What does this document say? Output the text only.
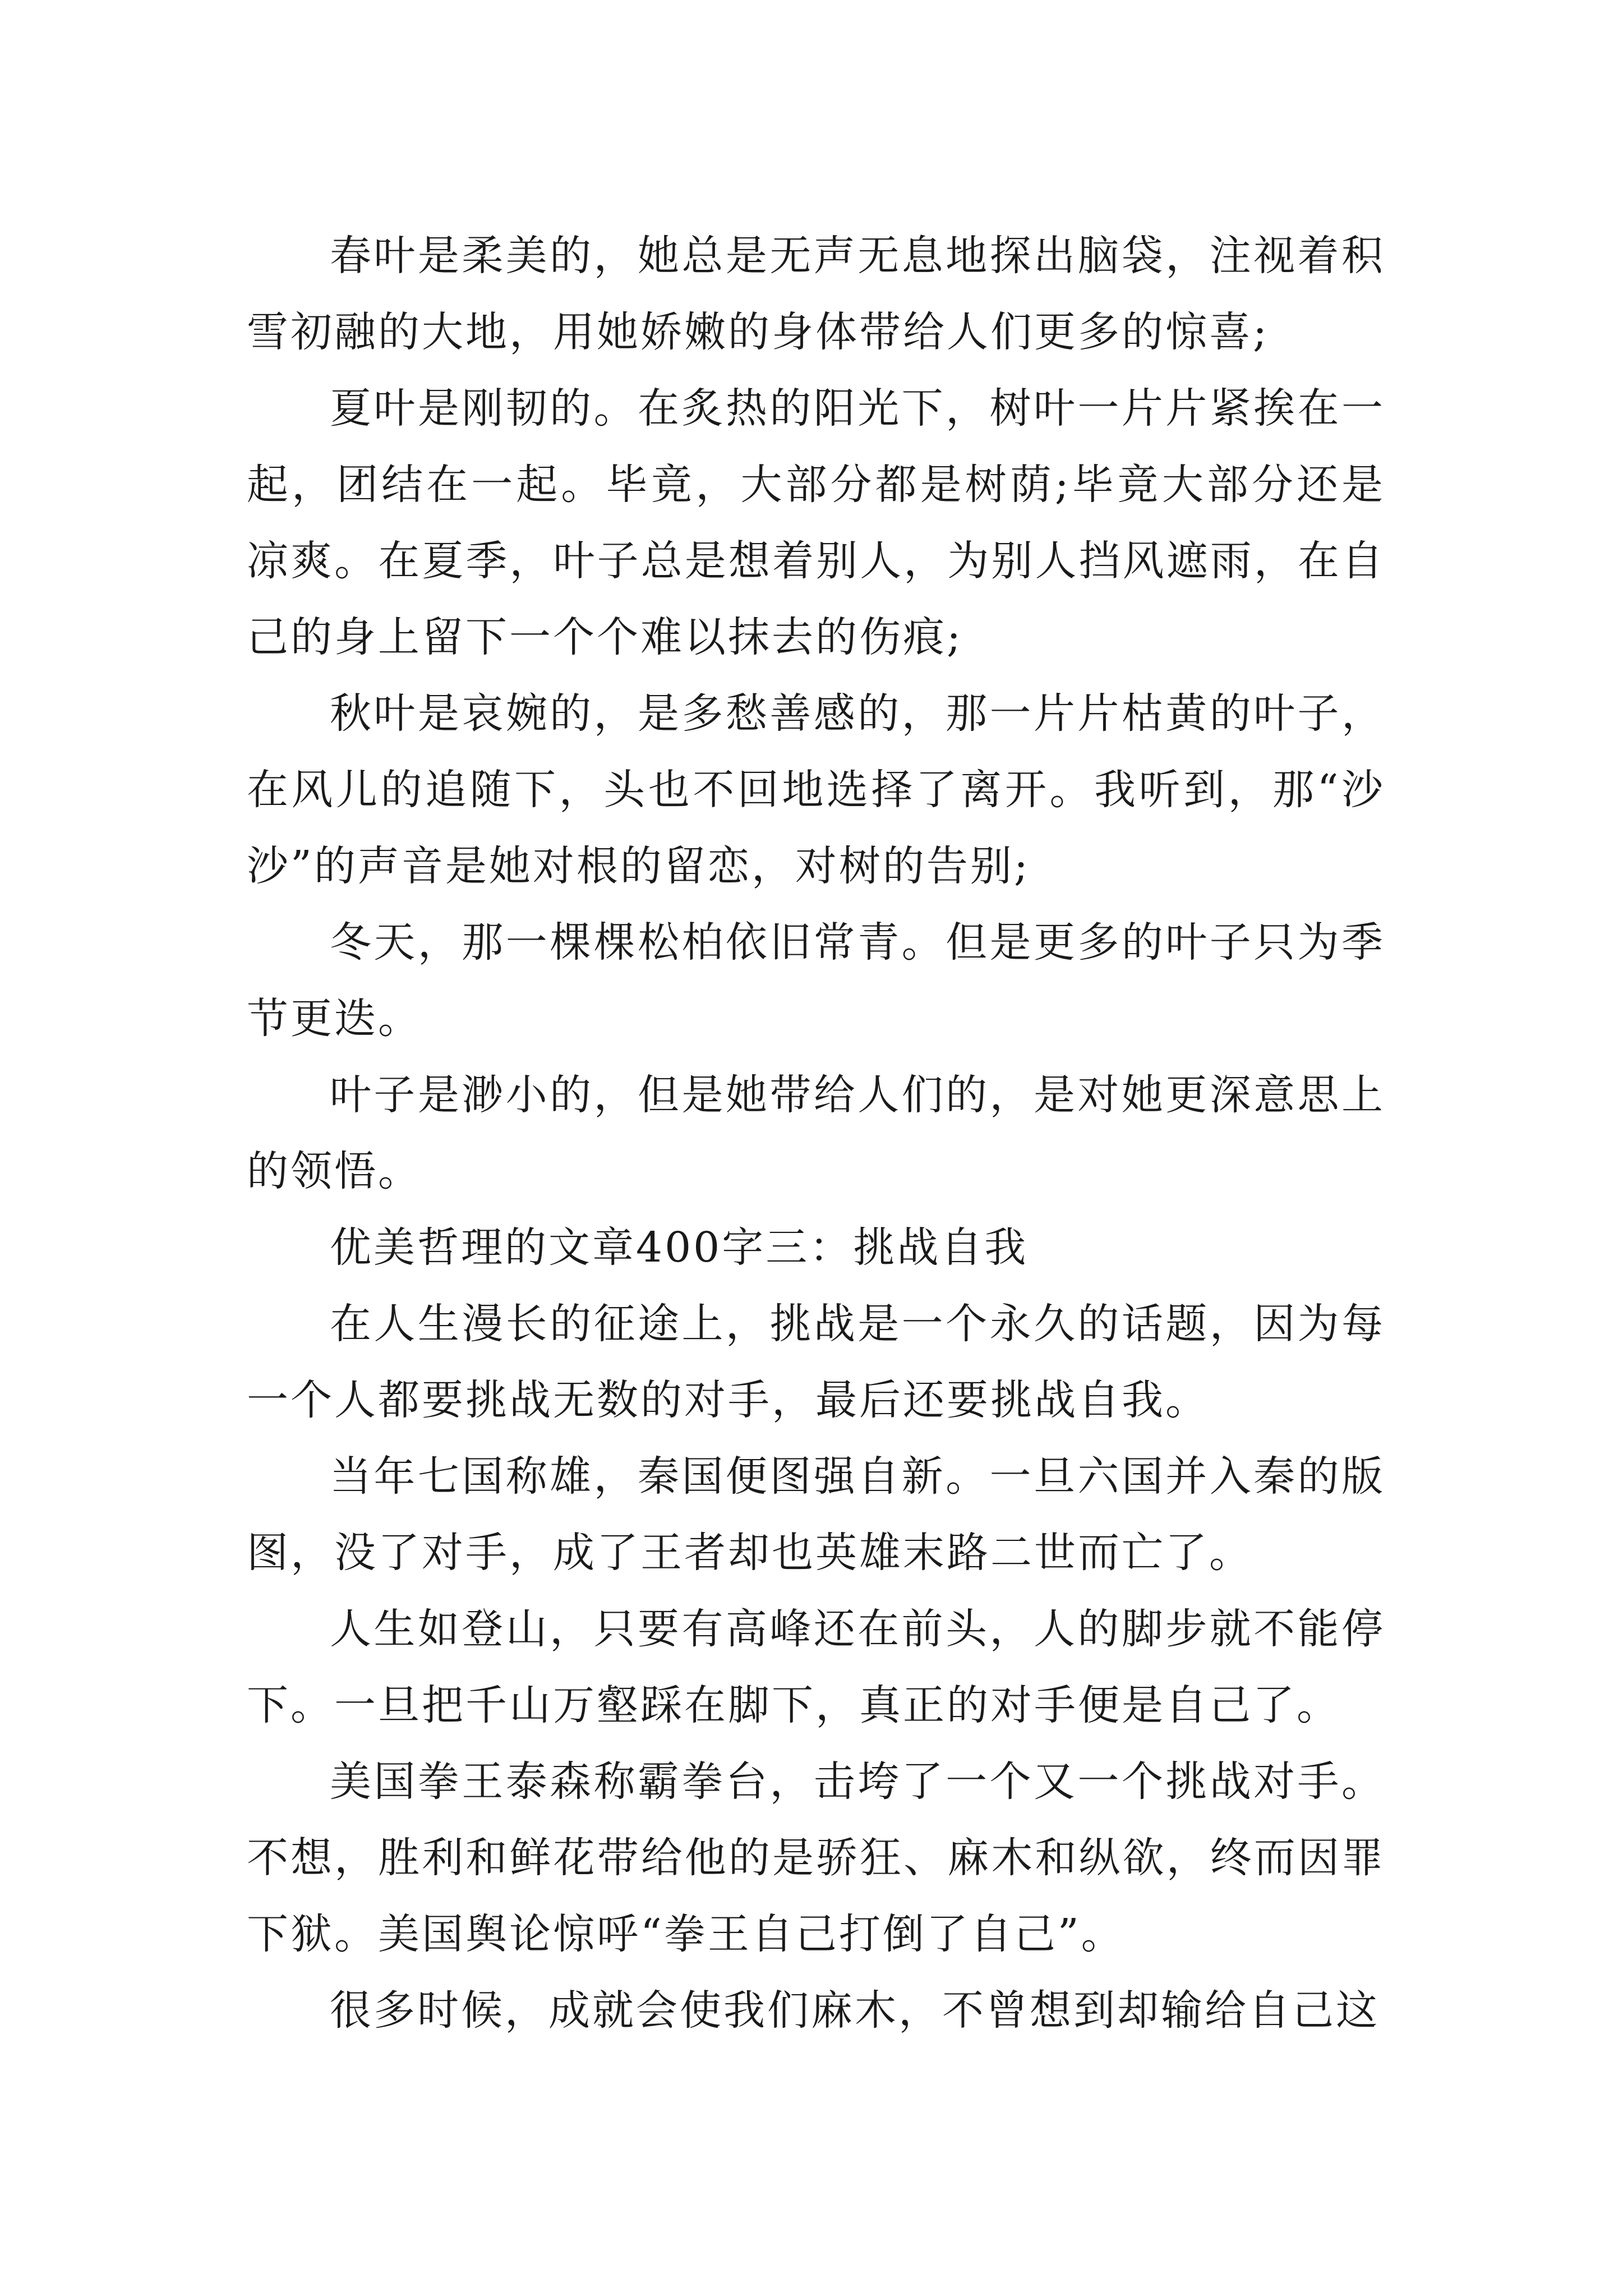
春叶是柔美的，她总是无声无息地探出脑袋，注视着积雪初融的大地，用她娇嫩的身体带给人们更多的惊喜;

夏叶是刚韧的。在炙热的阳光下，树叶一片片紧挨在一起，团结在一起。毕竟，大部分都是树荫;毕竟大部分还是凉爽。在夏季，叶子总是想着别人，为别人挡风遮雨，在自己的身上留下一个个难以抹去的伤痕;

秋叶是哀婉的，是多愁善感的，那一片片枯黄的叶子，在风儿的追随下，头也不回地选择了离开。我听到，那“沙沙”的声音是她对根的留恋，对树的告别;

冬天，那一棵棵松柏依旧常青。但是更多的叶子只为季节更迭。

叶子是渺小的，但是她带给人们的，是对她更深意思上的领悟。

优美哲理的文章400字三：挑战自我

在人生漫长的征途上，挑战是一个永久的话题，因为每一个人都要挑战无数的对手，最后还要挑战自我。

当年七国称雄，秦国便图强自新。一旦六国并入秦的版图，没了对手，成了王者却也英雄末路二世而亡了。

人生如登山，只要有高峰还在前头，人的脚步就不能停下。一旦把千山万壑踩在脚下，真正的对手便是自己了。

美国拳王泰森称霸拳台，击垮了一个又一个挑战对手。不想，胜利和鲜花带给他的是骄狂、麻木和纵欲，终而因罪下狱。美国舆论惊呼“拳王自己打倒了自己”。

很多时候，成就会使我们麻木，不曾想到却输给自己这
